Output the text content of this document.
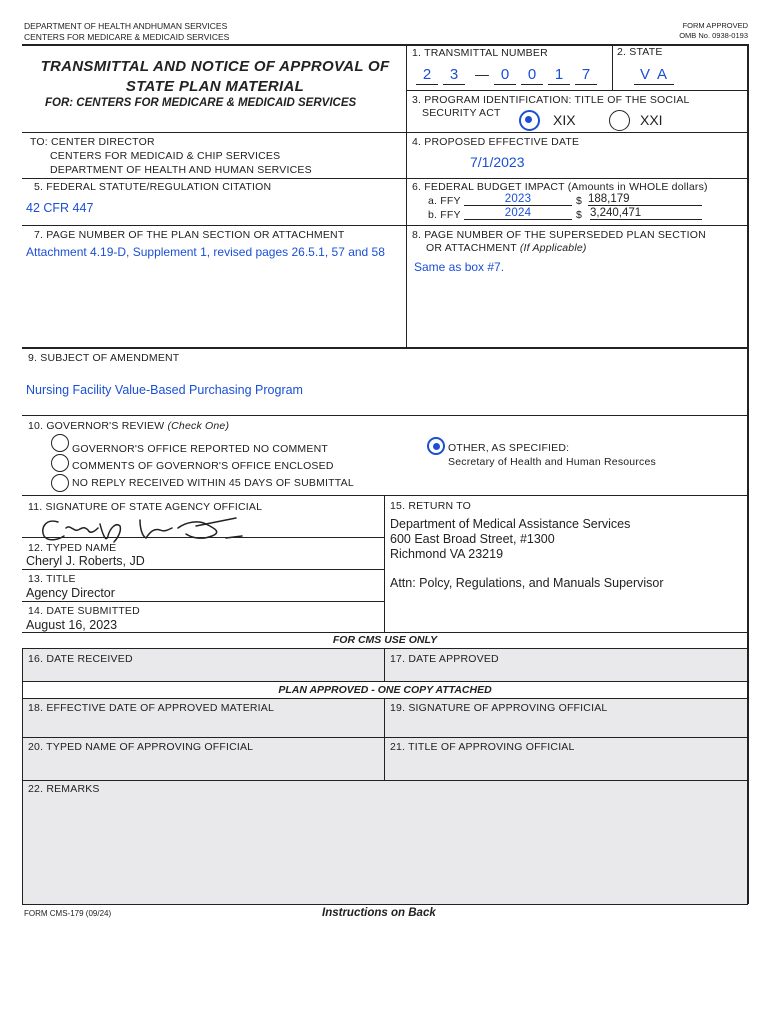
DEPARTMENT OF HEALTH ANDHUMAN SERVICES
CENTERS FOR MEDICARE & MEDICAID SERVICES
FORM APPROVED
OMB No. 0938-0193
TRANSMITTAL AND NOTICE OF APPROVAL OF
STATE PLAN MATERIAL
FOR: CENTERS FOR MEDICARE & MEDICAID SERVICES
TO: CENTER DIRECTOR
CENTERS FOR MEDICAID & CHIP SERVICES
DEPARTMENT OF HEALTH AND HUMAN SERVICES
1. TRANSMITTAL NUMBER
2	3	— 0	0	1	7
2. STATE
V A
3. PROGRAM IDENTIFICATION: TITLE OF THE SOCIAL
SECURITY ACT	XIX	XXI
4. PROPOSED EFFECTIVE DATE
7/1/2023
5. FEDERAL STATUTE/REGULATION CITATION
42 CFR 447
6. FEDERAL BUDGET IMPACT (Amounts in WHOLE dollars)
a. FFY	2023	$ 188,179
b. FFY	2024	$ 3,240,471
7. PAGE NUMBER OF THE PLAN SECTION OR ATTACHMENT
Attachment 4.19-D, Supplement 1, revised pages 26.5.1, 57 and 58
8. PAGE NUMBER OF THE SUPERSEDED PLAN SECTION
OR ATTACHMENT (If Applicable)
Same as box #7.
9. SUBJECT OF AMENDMENT
Nursing Facility Value-Based Purchasing Program
10. GOVERNOR'S REVIEW (Check One)
GOVERNOR'S OFFICE REPORTED NO COMMENT
COMMENTS OF GOVERNOR'S OFFICE ENCLOSED
NO REPLY RECEIVED WITHIN 45 DAYS OF SUBMITTAL
OTHER, AS SPECIFIED:
Secretary of Health and Human Resources
11. SIGNATURE OF STATE AGENCY OFFICIAL
12. TYPED NAME
Cheryl J. Roberts, JD
13. TITLE
Agency Director
14. DATE SUBMITTED
August 16, 2023
15. RETURN TO
Department of Medical Assistance Services
600 East Broad Street, #1300
Richmond VA 23219
Attn: Polcy, Regulations, and Manuals Supervisor
FOR CMS USE ONLY
16. DATE RECEIVED	17. DATE APPROVED
PLAN APPROVED - ONE COPY ATTACHED
18. EFFECTIVE DATE OF APPROVED MATERIAL	19. SIGNATURE OF APPROVING OFFICIAL
20. TYPED NAME OF APPROVING OFFICIAL	21. TITLE OF APPROVING OFFICIAL
22. REMARKS
FORM CMS-179 (09/24)	Instructions on Back
